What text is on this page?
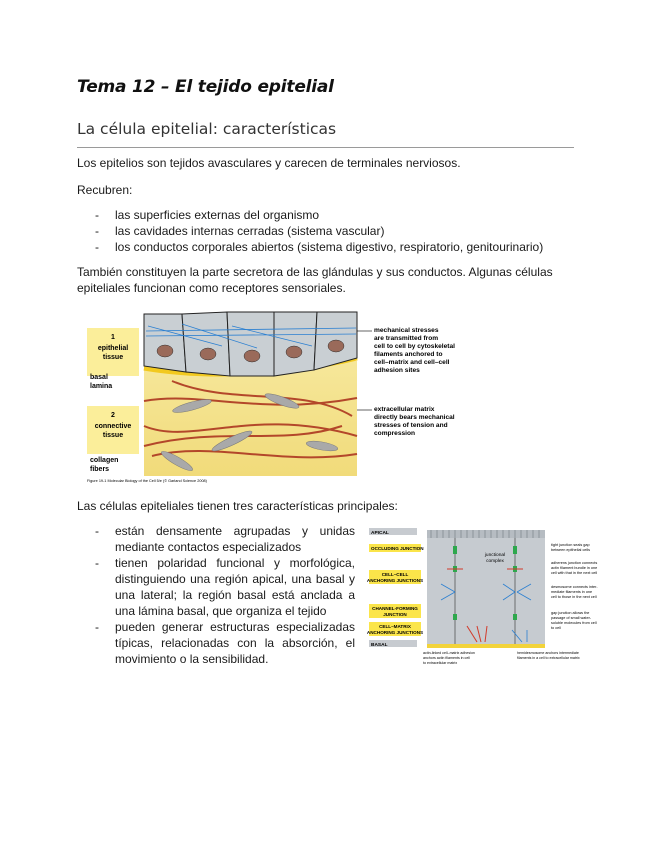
Tema 12 – El tejido epitelial
La célula epitelial: características
Los epitelios son tejidos avasculares y carecen de terminales nerviosos.
Recubren:
- las superficies externas del organismo
- las cavidades internas cerradas (sistema vascular)
- los conductos corporales abiertos (sistema digestivo, respiratorio, genitourinario)
También constituyen la parte secretora de las glándulas y sus conductos. Algunas células
epiteliales funcionan como receptores sensoriales.
1
epithelial
tissue
basal
lamina
2
connective
tissue
collagen
fibers
mechanical stresses
are transmitted from
cell to cell by cytoskeletal
filaments anchored to
cell–matrix and cell–cell
adhesion sites
extracellular matrix
directly bears mechanical
stresses of tension and
compression
Figure 19-1 Molecular Biology of the Cell 5/e (© Garland Science 2008)
Las células epiteliales tienen tres características principales:
- están densamente agrupadas y unidas mediante contactos especializados
- tienen polaridad funcional y morfológica, distinguiendo una región apical, una basal y una lateral; la región basal está anclada a una lámina basal, que organiza el tejido
- pueden generar estructuras especializadas típicas, relacionadas con la absorción, el movimiento o la sensibilidad.
APICAL
OCCLUDING JUNCTION
CELL–CELL
ANCHORING JUNCTIONS
CHANNEL-FORMING
JUNCTION
CELL–MATRIX
ANCHORING JUNCTIONS
BASAL
junctional
complex
tight junction seals gap
between epithelial cells
adherens junction connects
actin filament bundle in one
cell with that in the next cell
desmosome connects inter-
mediate filaments in one
cell to those in the next cell
gap junction allows the
passage of small water-
soluble molecules from cell
to cell
actin-linked cell–matrix adhesion
anchors actin filaments in cell
to extracellular matrix
hemidesmosome anchors intermediate
filaments in a cell to extracellular matrix
